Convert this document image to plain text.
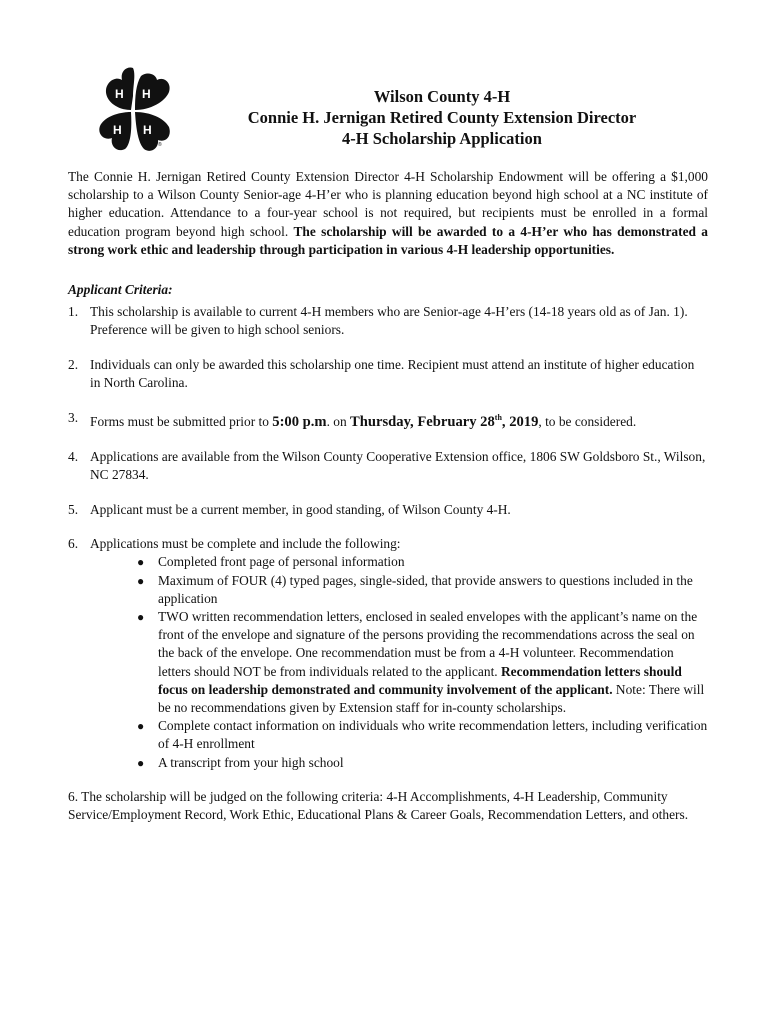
H H
H H
®
Wilson County 4-H
Connie H. Jernigan Retired County Extension Director
4-H Scholarship Application

The Connie H. Jernigan Retired County Extension Director 4-H Scholarship Endowment will be offering a $1,000 scholarship to a Wilson County Senior-age 4-H’er who is planning education beyond high school at a NC institute of higher education. Attendance to a four-year school is not required, but recipients must be enrolled in a formal education program beyond high school. The scholarship will be awarded to a 4-H’er who has demonstrated a strong work ethic and leadership through participation in various 4-H leadership opportunities.

Applicant Criteria:
1. This scholarship is available to current 4-H members who are Senior-age 4-H’ers (14-18 years old as of Jan. 1). Preference will be given to high school seniors.
2. Individuals can only be awarded this scholarship one time. Recipient must attend an institute of higher education in North Carolina.
3. Forms must be submitted prior to 5:00 p.m. on Thursday, February 28th, 2019, to be considered.
4. Applications are available from the Wilson County Cooperative Extension office, 1806 SW Goldsboro St., Wilson, NC 27834.
5. Applicant must be a current member, in good standing, of Wilson County 4-H.
6. Applications must be complete and include the following:
● Completed front page of personal information
● Maximum of FOUR (4) typed pages, single-sided, that provide answers to questions included in the application
● TWO written recommendation letters, enclosed in sealed envelopes with the applicant’s name on the front of the envelope and signature of the persons providing the recommendations across the seal on the back of the envelope. One recommendation must be from a 4-H volunteer. Recommendation letters should NOT be from individuals related to the applicant. Recommendation letters should focus on leadership demonstrated and community involvement of the applicant. Note: There will be no recommendations given by Extension staff for in-county scholarships.
● Complete contact information on individuals who write recommendation letters, including verification of 4-H enrollment
● A transcript from your high school

6. The scholarship will be judged on the following criteria: 4-H Accomplishments, 4-H Leadership, Community Service/Employment Record, Work Ethic, Educational Plans & Career Goals, Recommendation Letters, and others.
